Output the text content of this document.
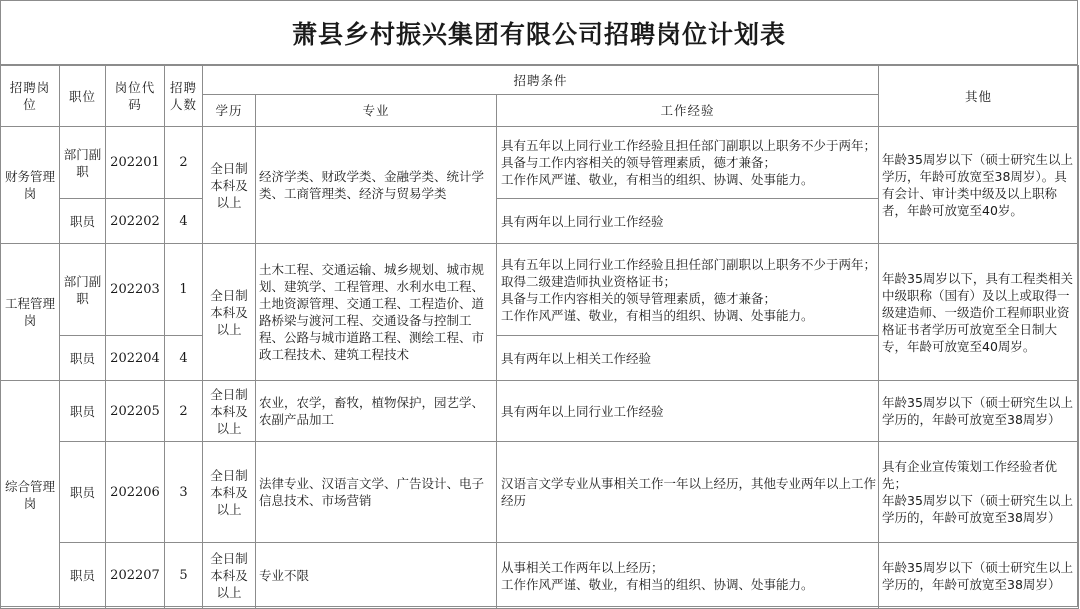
萧县乡村振兴集团有限公司招聘岗位计划表
招聘岗位	职位	岗位代码	招聘人数	招聘条件			其他
				学历	专业	工作经验	
财务管理岗	部门副职	202201	2	全日制本科及以上	经济学类、财政学类、金融学类、统计学类、工商管理类、经济与贸易学类	具有五年以上同行业工作经验且担任部门副职以上职务不少于两年；
具备与工作内容相关的领导管理素质，德才兼备；
工作作风严谨、敬业，有相当的组织、协调、处事能力。	年龄35周岁以下（硕士研究生以上学历，年龄可放宽至38周岁）。具有会计、审计类中级及以上职称者，年龄可放宽至40岁。
	职员	202202	4			具有两年以上同行业工作经验	
工程管理岗	部门副职	202203	1	全日制本科及以上	土木工程、交通运输、城乡规划、城市规划、建筑学、工程管理、水利水电工程、土地资源管理、交通工程、工程造价、道路桥梁与渡河工程、交通设备与控制工程、公路与城市道路工程、测绘工程、市政工程技术、建筑工程技术	具有五年以上同行业工作经验且担任部门副职以上职务不少于两年；
取得二级建造师执业资格证书；
具备与工作内容相关的领导管理素质，德才兼备；
工作作风严谨、敬业，有相当的组织、协调、处事能力。	年龄35周岁以下，具有工程类相关中级职称（国有）及以上或取得一级建造师、一级造价工程师职业资格证书者学历可放宽至全日制大专，年龄可放宽至40周岁。
	职员	202204	4			具有两年以上相关工作经验	
综合管理岗	职员	202205	2	全日制本科及以上	农业，农学，畜牧，植物保护，园艺学、农副产品加工	具有两年以上同行业工作经验	年龄35周岁以下（硕士研究生以上学历的，年龄可放宽至38周岁）
	职员	202206	3	全日制本科及以上	法律专业、汉语言文学、广告设计、电子信息技术、市场营销	汉语言文学专业从事相关工作一年以上经历，其他专业两年以上工作经历	具有企业宣传策划工作经验者优先；
年龄35周岁以下（硕士研究生以上学历的，年龄可放宽至38周岁）
	职员	202207	5	全日制本科及以上	专业不限	从事相关工作两年以上经历；
工作作风严谨、敬业，有相当的组织、协调、处事能力。	年龄35周岁以下（硕士研究生以上学历的，年龄可放宽至38周岁）
